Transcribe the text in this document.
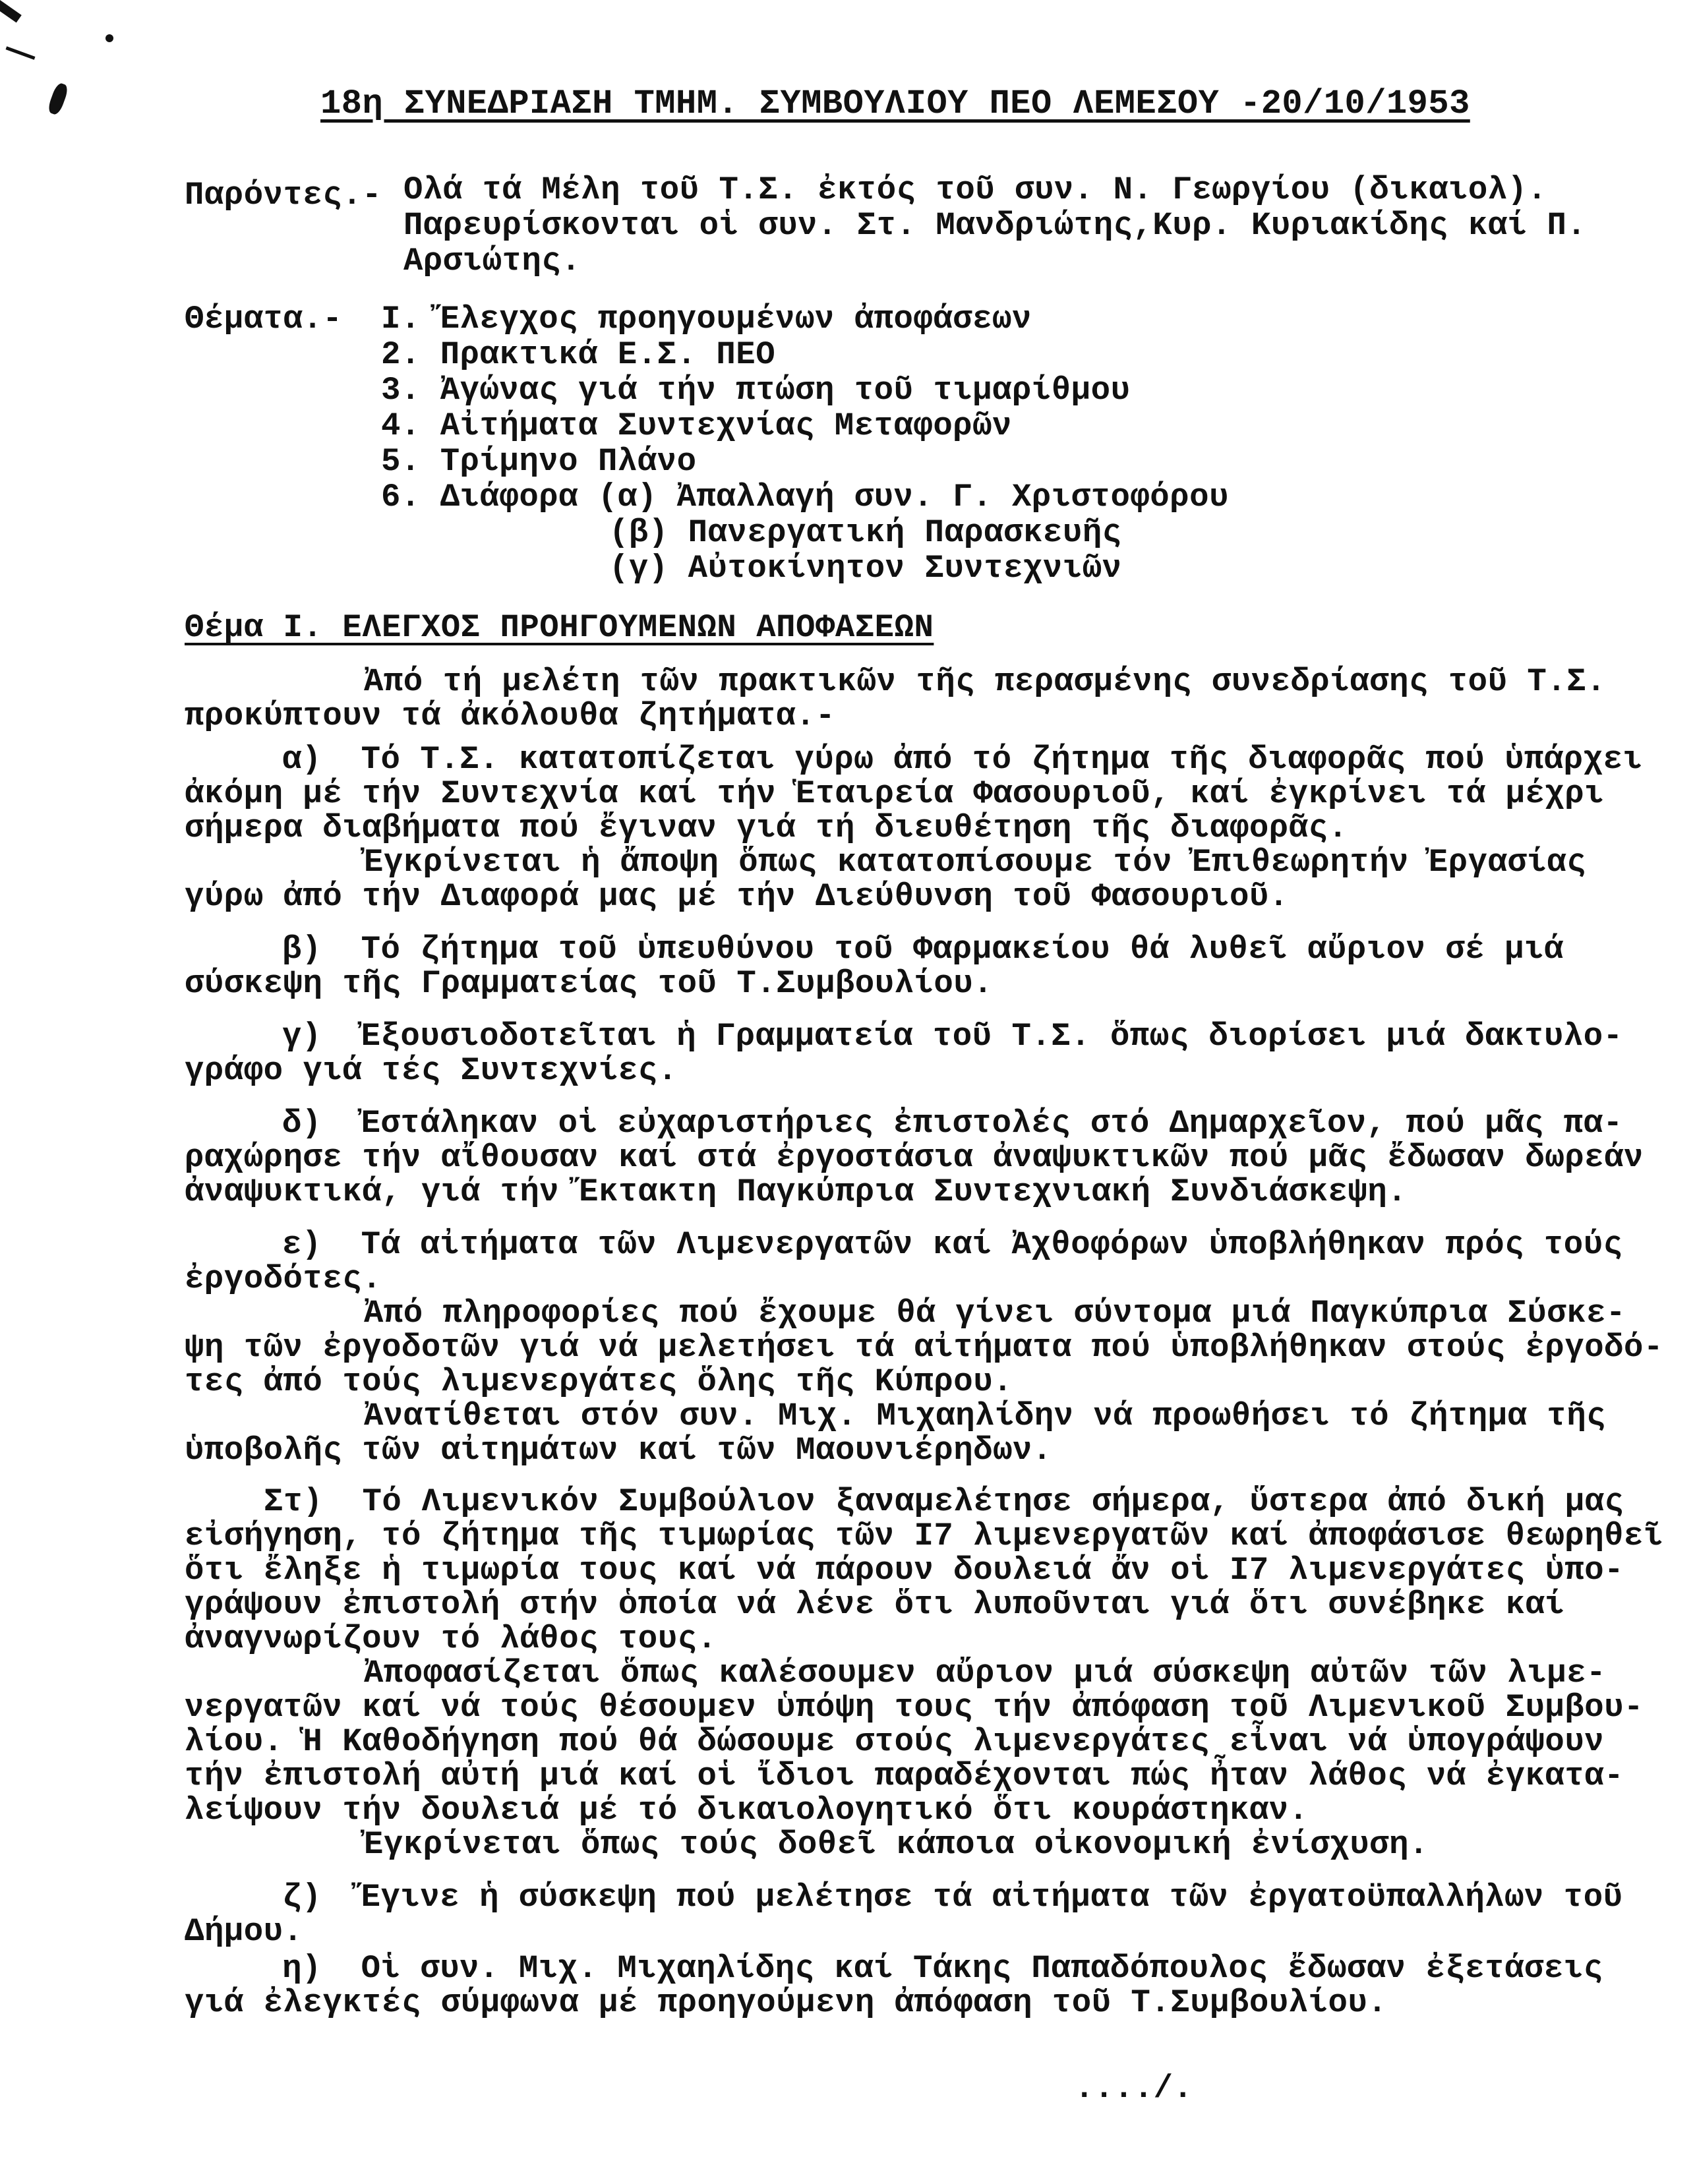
18η ΣΥΝΕΔΡΙΑΣΗ ΤΜΗΜ. ΣΥΜΒΟΥΛΙΟΥ ΠΕΟ ΛΕΜΕΣΟΥ -20/10/1953
Παρόντες.- Ολά τά Μέλη τοῦ Τ.Σ. ἐκτός τοῦ συν. Ν. Γεωργίου (δικαιολ).
Παρευρίσκονται οἱ συν. Στ. Μανδριώτης,Κυρ. Κυριακίδης καί Π.
Αρσιώτης.
Θέματα.- I. Ἔλεγχος προηγουμένων ἀποφάσεων
2. Πρακτικά Ε.Σ. ΠΕΟ
3. Ἀγώνας γιά τήν πτώση τοῦ τιμαρίθμου
4. Αἰτήματα Συντεχνίας Μεταφορῶν
5. Τρίμηνο Πλάνο
6. Διάφορα (α) Ἀπαλλαγή συν. Γ. Χριστοφόρου
(β) Πανεργατική Παρασκευῆς
(γ) Αὐτοκίνητον Συντεχνιῶν
Θέμα I. ΕΛΕΓΧΟΣ ΠΡΟΗΓΟΥΜΕΝΩΝ ΑΠΟΦΑΣΕΩΝ
Ἀπό τή μελέτη τῶν πρακτικῶν τῆς περασμένης συνεδρίασης τοῦ Τ.Σ.
προκύπτουν τά ἀκόλουθα ζητήματα.-
α)  Τό Τ.Σ. κατατοπίζεται γύρω ἀπό τό ζήτημα τῆς διαφορᾶς πού ὑπάρχει
ἀκόμη μέ τήν Συντεχνία καί τήν Ἑταιρεία Φασουριοῦ, καί ἐγκρίνει τά μέχρι
σήμερα διαβήματα πού ἔγιναν γιά τή διευθέτηση τῆς διαφορᾶς.
Ἐγκρίνεται ἡ ἄποψη ὅπως κατατοπίσουμε τόν Ἐπιθεωρητήν Ἐργασίας
γύρω ἀπό τήν Διαφορά μας μέ τήν Διεύθυνση τοῦ Φασουριοῦ.
β)  Τό ζήτημα τοῦ ὑπευθύνου τοῦ Φαρμακείου θά λυθεῖ αὔριον σέ μιά
σύσκεψη τῆς Γραμματείας τοῦ Τ.Συμβουλίου.
γ)  Ἐξουσιοδοτεῖται ἡ Γραμματεία τοῦ Τ.Σ. ὅπως διορίσει μιά δακτυλο-
γράφο γιά τές Συντεχνίες.
δ)  Ἐστάληκαν οἱ εὐχαριστήριες ἐπιστολές στό Δημαρχεῖον, πού μᾶς πα-
ραχώρησε τήν αἴθουσαν καί στά ἐργοστάσια ἀναψυκτικῶν πού μᾶς ἔδωσαν δωρεάν
ἀναψυκτικά, γιά τήν Ἔκτακτη Παγκύπρια Συντεχνιακή Συνδιάσκεψη.
ε)  Τά αἰτήματα τῶν Λιμενεργατῶν καί Ἀχθοφόρων ὑποβλήθηκαν πρός τούς
ἐργοδότες.
Ἀπό πληροφορίες πού ἔχουμε θά γίνει σύντομα μιά Παγκύπρια Σύσκε-
ψη τῶν ἐργοδοτῶν γιά νά μελετήσει τά αἰτήματα πού ὑποβλήθηκαν στούς ἐργοδό-
τες ἀπό τούς λιμενεργάτες ὅλης τῆς Κύπρου.
Ἀνατίθεται στόν συν. Μιχ. Μιχαηλίδην νά προωθήσει τό ζήτημα τῆς
ὑποβολῆς τῶν αἰτημάτων καί τῶν Μαουνιέρηδων.
Στ)  Τό Λιμενικόν Συμβούλιον ξαναμελέτησε σήμερα, ὕστερα ἀπό δική μας
εἰσήγηση, τό ζήτημα τῆς τιμωρίας τῶν I7 λιμενεργατῶν καί ἀποφάσισε θεωρηθεῖ
ὅτι ἔληξε ἡ τιμωρία τους καί νά πάρουν δουλειά ἄν οἱ I7 λιμενεργάτες ὑπο-
γράψουν ἐπιστολή στήν ὁποία νά λένε ὅτι λυποῦνται γιά ὅτι συνέβηκε καί
ἀναγνωρίζουν τό λάθος τους.
Ἀποφασίζεται ὅπως καλέσουμεν αὔριον μιά σύσκεψη αὐτῶν τῶν λιμε-
νεργατῶν καί νά τούς θέσουμεν ὑπόψη τους τήν ἀπόφαση τοῦ Λιμενικοῦ Συμβου-
λίου. Ἡ Καθοδήγηση πού θά δώσουμε στούς λιμενεργάτες εἶναι νά ὑπογράψουν
τήν ἐπιστολή αὐτή μιά καί οἱ ἴδιοι παραδέχονται πώς ἦταν λάθος νά ἐγκατα-
λείψουν τήν δουλειά μέ τό δικαιολογητικό ὅτι κουράστηκαν.
Ἐγκρίνεται ὅπως τούς δοθεῖ κάποια οἰκονομική ἐνίσχυση.
ζ)  Ἔγινε ἡ σύσκεψη πού μελέτησε τά αἰτήματα τῶν ἐργατοϋπαλλήλων τοῦ
Δήμου.
η)  Οἱ συν. Μιχ. Μιχαηλίδης καί Τάκης Παπαδόπουλος ἔδωσαν ἐξετάσεις
γιά ἐλεγκτές σύμφωνα μέ προηγούμενη ἀπόφαση τοῦ Τ.Συμβουλίου.
..../.
